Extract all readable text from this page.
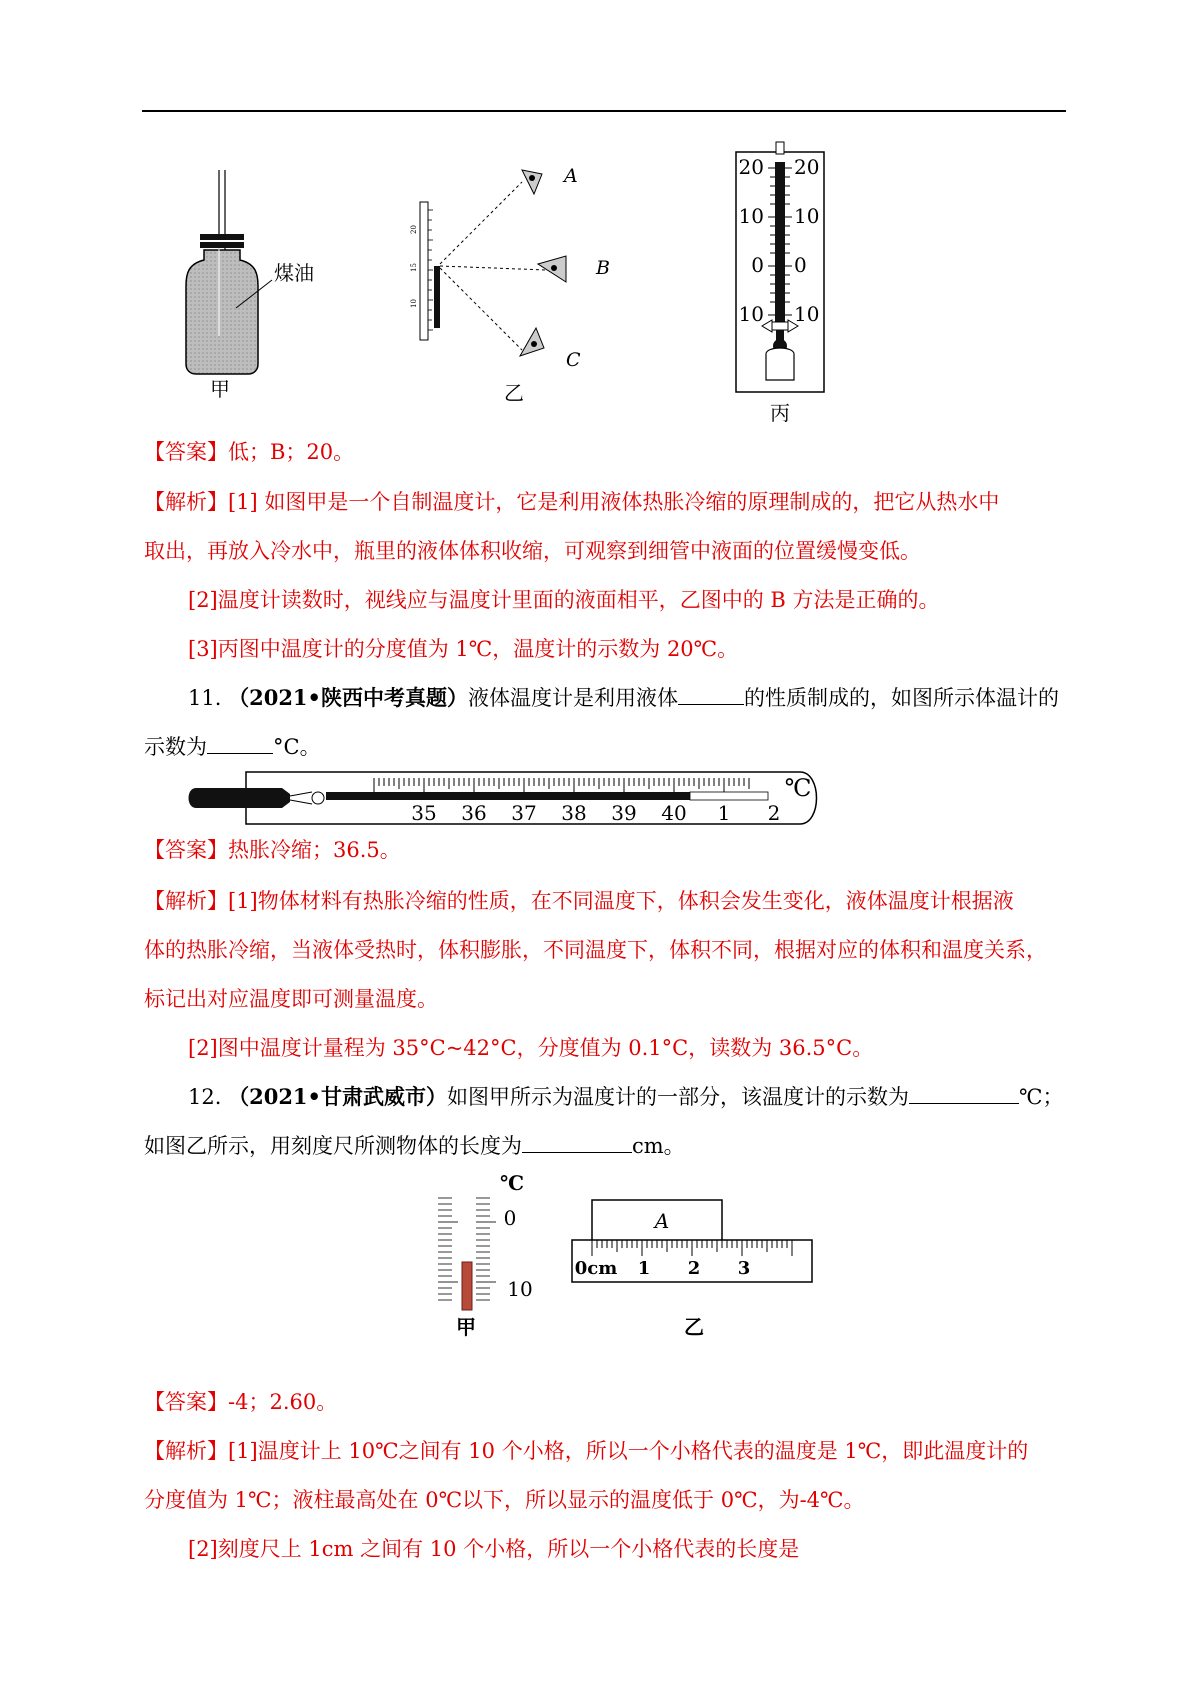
煤油
甲
20
15
10
A
B
C
乙
20
10
0
10
20
10
0
10
丙
【答案】低；B；20。
【解析】[1] 如图甲是一个自制温度计，它是利用液体热胀冷缩的原理制成的，把它从热水中
取出，再放入冷水中，瓶里的液体体积收缩，可观察到细管中液面的位置缓慢变低。
[2]温度计读数时，视线应与温度计里面的液面相平，乙图中的 B 方法是正确的。
[3]丙图中温度计的分度值为 1℃，温度计的示数为 20℃。
11. （2021•陕西中考真题）液体温度计是利用液体	的性质制成的，如图所示体温计的
示数为	°C。
℃
35 36 37 38 39 40 1 2
【答案】热胀冷缩；36.5。
【解析】[1]物体材料有热胀冷缩的性质，在不同温度下，体积会发生变化，液体温度计根据液
体的热胀冷缩，当液体受热时，体积膨胀，不同温度下，体积不同，根据对应的体积和温度关系，
标记出对应温度即可测量温度。
[2]图中温度计量程为 35°C~42°C，分度值为 0.1°C，读数为 36.5°C。
12. （2021•甘肃武威市）如图甲所示为温度计的一部分，该温度计的示数为	℃；
如图乙所示，用刻度尺所测物体的长度为	cm。
℃
0
10
甲
A
0cm 1 2 3
乙
【答案】-4；2.60。
【解析】[1]温度计上 10℃之间有 10 个小格，所以一个小格代表的温度是 1℃，即此温度计的
分度值为 1℃；液柱最高处在 0℃以下，所以显示的温度低于 0℃，为-4℃。
[2]刻度尺上 1cm 之间有 10 个小格，所以一个小格代表的长度是
